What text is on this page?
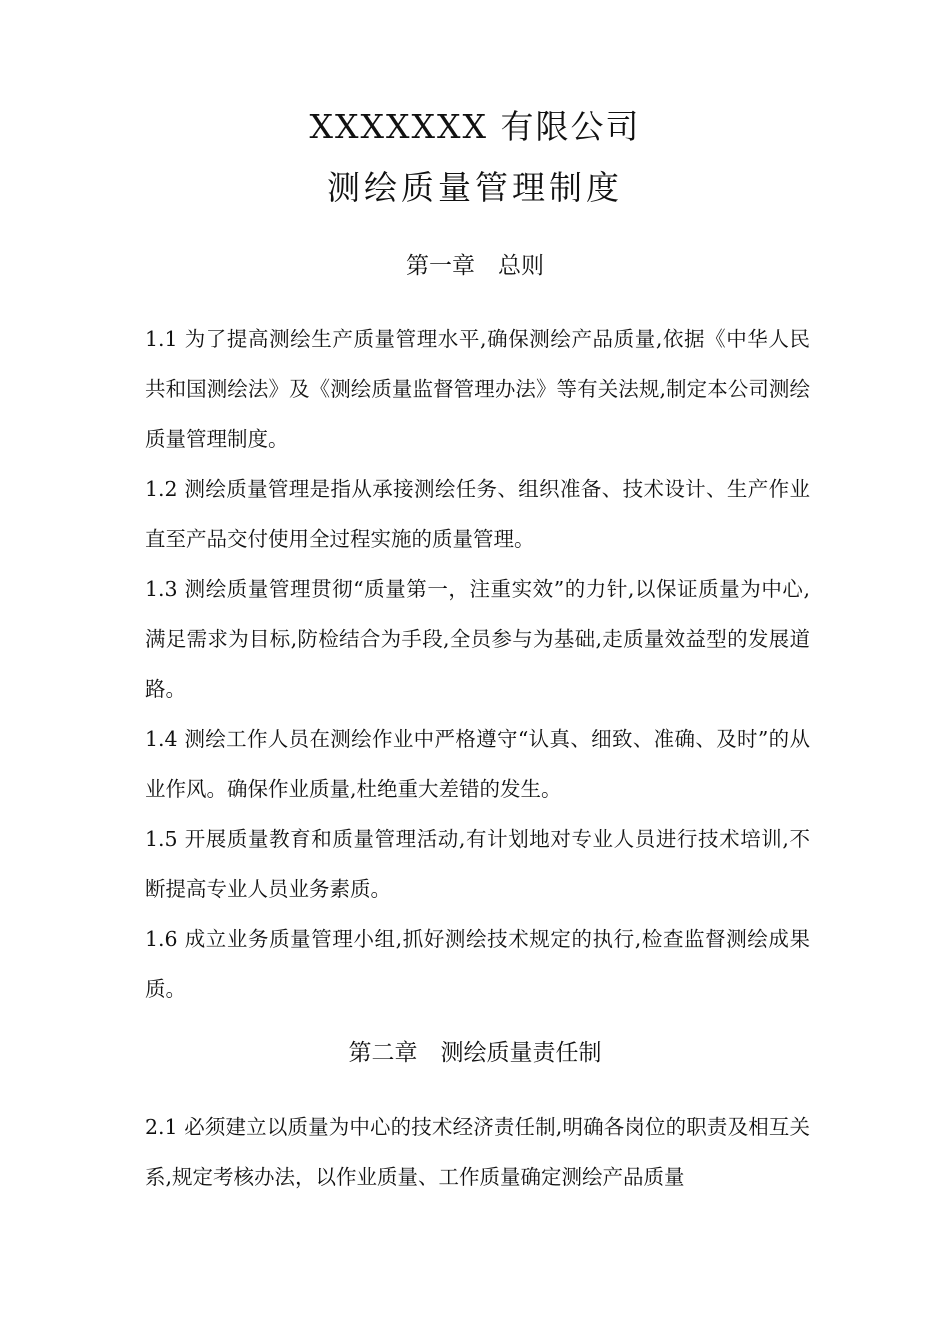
XXXXXXX 有限公司
测绘质量管理制度
第一章　总则

1.1 为了提高测绘生产质量管理水平,确保测绘产品质量,依据《中华人民共和国测绘法》及《测绘质量监督管理办法》等有关法规,制定本公司测绘质量管理制度。

1.2 测绘质量管理是指从承接测绘任务、组织准备、技术设计、生产作业直至产品交付使用全过程实施的质量管理。

1.3 测绘质量管理贯彻“质量第一，注重实效”的力针,以保证质量为中心,满足需求为目标,防检结合为手段,全员参与为基础,走质量效益型的发展道路。

1.4 测绘工作人员在测绘作业中严格遵守“认真、细致、准确、及时”的从业作风。确保作业质量,杜绝重大差错的发生。

1.5 开展质量教育和质量管理活动,有计划地对专业人员进行技术培训,不断提高专业人员业务素质。

1.6 成立业务质量管理小组,抓好测绘技术规定的执行,检查监督测绘成果质。

第二章　测绘质量责任制

2.1 必须建立以质量为中心的技术经济责任制,明确各岗位的职责及相互关系,规定考核办法，以作业质量、工作质量确定测绘产品质量
